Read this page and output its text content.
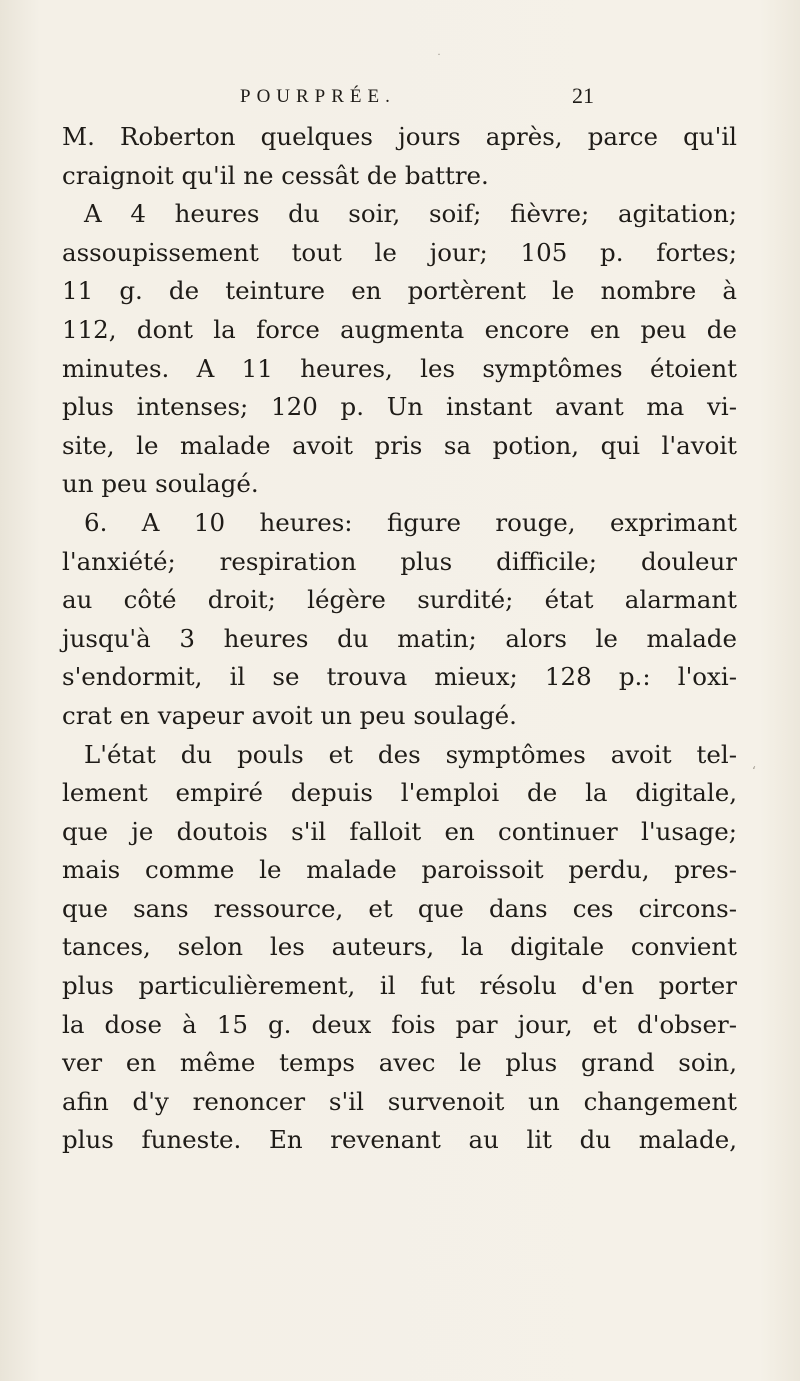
POURPRÉE.	21
M. Roberton quelques jours après, parce qu'il
craignoit qu'il ne cessât de battre.
A 4 heures du soir, soif; fièvre; agitation;
assoupissement tout le jour; 105 p. fortes;
11 g. de teinture en portèrent le nombre à
112, dont la force augmenta encore en peu de
minutes. A 11 heures, les symptômes étoient
plus intenses; 120 p. Un instant avant ma vi-
site, le malade avoit pris sa potion, qui l'avoit
un peu soulagé.
6. A 10 heures: figure rouge, exprimant
l'anxiété; respiration plus difficile; douleur
au côté droit; légère surdité; état alarmant
jusqu'à 3 heures du matin; alors le malade
s'endormit, il se trouva mieux; 128 p.: l'oxi-
crat en vapeur avoit un peu soulagé.
L'état du pouls et des symptômes avoit tel-
lement empiré depuis l'emploi de la digitale,
que je doutois s'il falloit en continuer l'usage;
mais comme le malade paroissoit perdu, pres-
que sans ressource, et que dans ces circons-
tances, selon les auteurs, la digitale convient
plus particulièrement, il fut résolu d'en porter
la dose à 15 g. deux fois par jour, et d'obser-
ver en même temps avec le plus grand soin,
afin d'y renoncer s'il survenoit un changement
plus funeste. En revenant au lit du malade,
˙
‘
